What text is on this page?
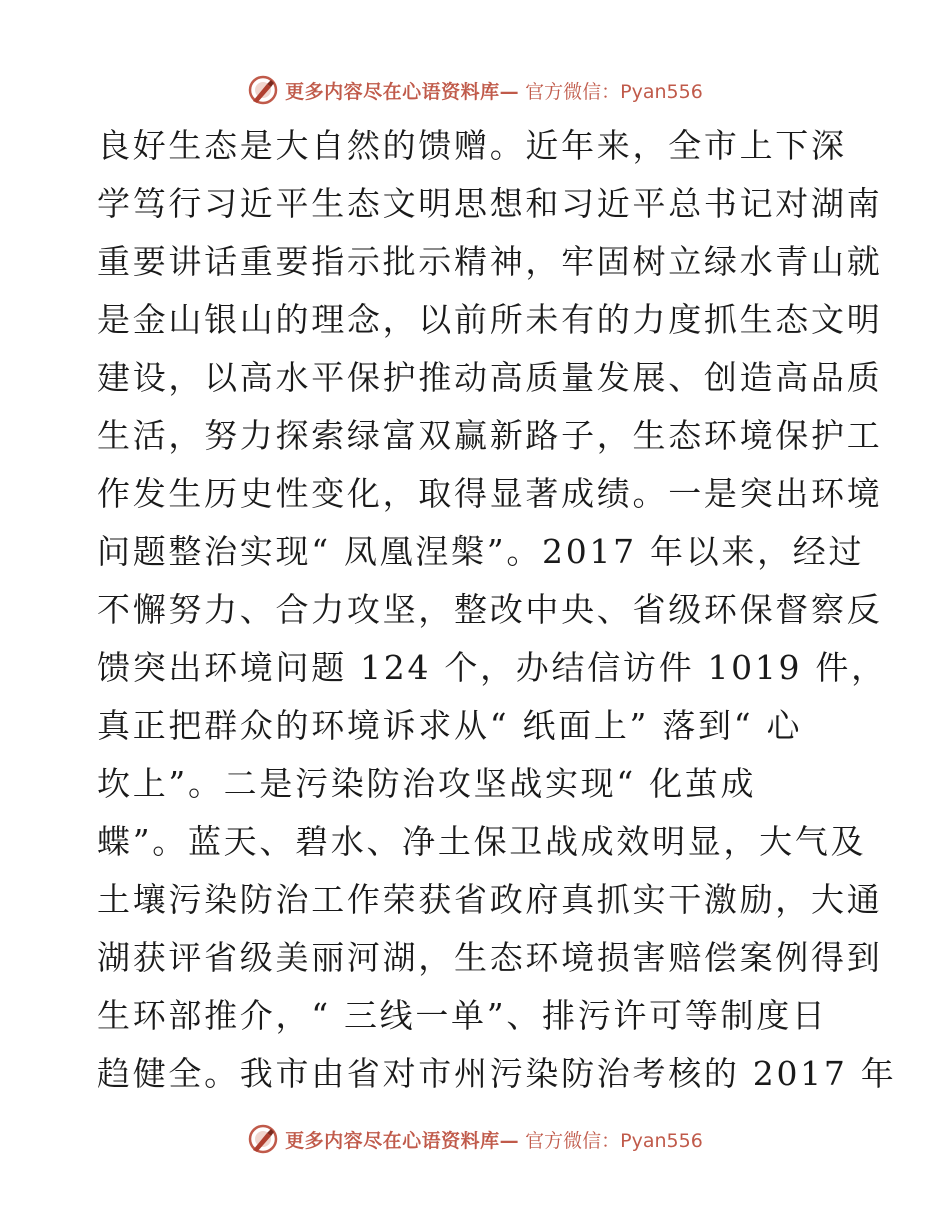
更多内容尽在心语资料库— 官方微信：Pyan556
良好生态是大自然的馈赠。近年来，全市上下深
学笃行习近平生态文明思想和习近平总书记对湖南
重要讲话重要指示批示精神，牢固树立绿水青山就
是金山银山的理念，以前所未有的力度抓生态文明
建设，以高水平保护推动高质量发展、创造高品质
生活，努力探索绿富双赢新路子，生态环境保护工
作发生历史性变化，取得显著成绩。一是突出环境
问题整治实现“ 凤凰涅槃”。2017 年以来，经过
不懈努力、合力攻坚，整改中央、省级环保督察反
馈突出环境问题 124 个，办结信访件 1019 件，
真正把群众的环境诉求从“ 纸面上” 落到“ 心
坎上”。二是污染防治攻坚战实现“ 化茧成
蝶”。蓝天、碧水、净土保卫战成效明显，大气及
土壤污染防治工作荣获省政府真抓实干激励，大通
湖获评省级美丽河湖，生态环境损害赔偿案例得到
生环部推介，“ 三线一单”、排污许可等制度日
趋健全。我市由省对市州污染防治考核的 2017 年
更多内容尽在心语资料库— 官方微信：Pyan556
